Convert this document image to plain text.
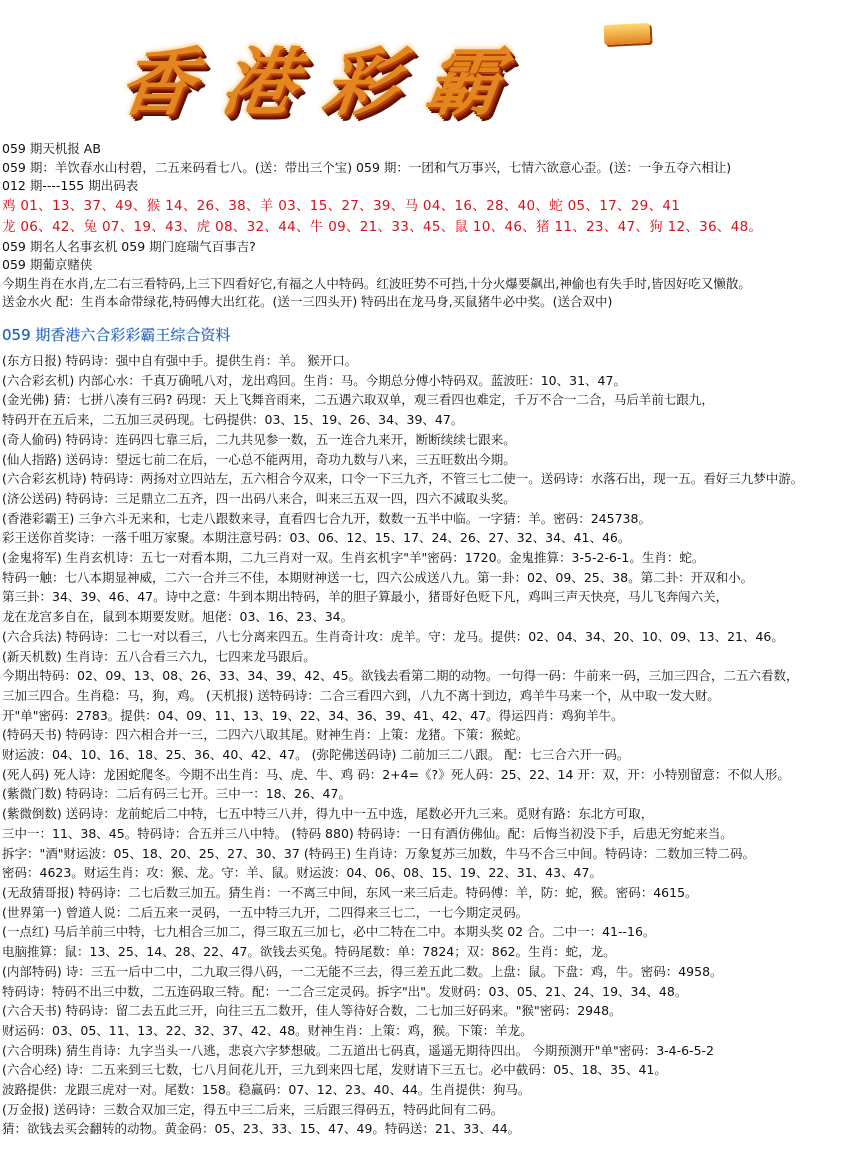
香港彩霸
059 期天机报 AB
059 期：羊饮春水山村碧，二五来码看七八。(送：带出三个宝) 059 期：一团和气万事兴，七情六欲意心歪。(送：一争五夺六相让)
012 期----155 期出码表
鸡 01、13、37、49、猴 14、26、38、羊 03、15、27、39、马 04、16、28、40、蛇 05、17、29、41
龙 06、42、兔 07、19、43、虎 08、32、44、牛 09、21、33、45、鼠 10、46、猪 11、23、47、狗 12、36、48。
059 期名人名事玄机 059 期门庭瑞气百事吉?
059 期葡京赌侠
今期生肖在水肖,左二右三看特码,上三下四看好它,有福之人中特码。红波旺势不可挡,十分火爆要飙出,神偷也有失手时,皆因好吃又懒散。
送金水火 配：生肖本命带绿花,特码傅大出红花。(送一三四头开) 特码出在龙马身,买鼠猪牛必中奖。(送合双中)
059 期香港六合彩彩霸王综合资料
(东方日报) 特码诗：强中自有强中手。提供生肖：羊。 猴开口。
(六合彩玄机) 内部心水：千真万确吼八对，龙出鸡回。生肖：马。今期总分傅小特码双。蓝波旺：10、31、47。
(金光佛) 猜：七拼八凑有三码? 码现：天上飞舞音雨来，二五遇六取双单，观三看四也难定，千万不合一二合，马后羊前七跟九，
特码开在五后来，二五加三灵码现。七码提供：03、15、19、26、34、39、47。
(奇人偷码) 特码诗：连码四七靠三后，二九共见参一数，五一连合九来开，断断续续七跟来。
(仙人指路) 送码诗：望远七前二在后，一心总不能两用，奇功九数与八来，三五旺数出今期。
(六合彩玄机诗) 特码诗：两扬对立四站左，五六相合今双来，口令一下三九齐，不管三七二使一。送码诗：水落石出，现一五。看好三九梦中游。
(济公送码) 特码诗：三足鼎立二五齐，四一出码八来合，叫来三五双一四，四六不减取头奖。
(香港彩霸王) 三争六斗无来和，七走八跟数来寻，直看四七合九开，数数一五半中临。一字猜：羊。密码：245738。
彩王送你首奖诗：一落千咀万家聚。本期注意号码：03、06、12、15、17、24、26、27、32、34、41、46。
(金鬼将军) 生肖玄机诗：五七一对看本期，二九三肖对一双。生肖玄机字"羊"密码：1720。金鬼推算：3-5-2-6-1。生肖：蛇。
特码一触：七八本期显神威，二六一合并三不佳，本期财神送一七，四六公成送八九。第一卦：02、09、25、38。第二卦：开双和小。
第三卦：34、39、46、47。诗中之意：牛到本期出特码，羊的胆子算最小，猪哥好色贬下凡，鸡叫三声天快亮，马儿飞奔闯六关，
龙在龙宫多自在，鼠到本期要发财。旭佬：03、16、23、34。
(六合兵法) 特码诗：二七一对以看三，八七分离来四五。生肖奇计攻：虎羊。守：龙马。提供：02、04、34、20、10、09、13、21、46。
(新天机数) 生肖诗：五八合看三六九，七四来龙马跟后。
今期出特码：02、09、13、08、26、33、34、39、42、45。欲钱去看第二期的动物。一句得一码：牛前来一码，三加三四合，二五六看数，
三加三四合。生肖稳：马，狗，鸡。 (天机报) 送特码诗：二合三看四六到，八九不离十到边，鸡羊牛马来一个，从中取一发大财。
开"单"密码：2783。提供：04、09、11、13、19、22、34、36、39、41、42、47。得运四肖：鸡狗羊牛。
(特码天书) 特码诗：四六相合并一三，二四六八取其尾。财神生肖：上策：龙猪。下策：猴蛇。
财运波：04、10、16、18、25、36、40、42、47。 (弥陀佛送码诗) 二前加三二八跟。 配：七三合六开一码。
(死人码) 死人诗：龙困蛇爬冬。今期不出生肖：马、虎、牛、鸡 码：2+4=《?》死人码：25、22、14 开：双，开：小特别留意：不似人形。
(紫微门数) 特码诗：二后有码三七开。三中一：18、26、47。
(紫微倒数) 送码诗：龙前蛇后二中特，七五中特三八并，得九中一五中选，尾数必开九三来。觅财有路：东北方可取，
三中一：11、38、45。特码诗：合五并三八中特。 (特码 880) 特码诗：一日有酒仿佛仙。配：后悔当初没下手，后患无穷蛇来当。
拆字："酒"财运波：05、18、20、25、27、30、37 (特码王) 生肖诗：万象复苏三加数，牛马不合三中间。特码诗：二数加三特二码。
密码：4623。财运生肖：攻：猴、龙。守：羊、鼠。财运波：04、06、08、15、19、22、31、43、47。
(无敌猜哥报) 特码诗：二七后数三加五。猜生肖：一不离三中间，东风一来三后走。特码傅：羊，防：蛇，猴。密码：4615。
(世界第一) 曾道人说：二后五来一灵码，一五中特三九开，二四得来三七二，一七今期定灵码。
(一点红) 马后羊前三中特，七九相合三加二，得三取五三加七，必中二特在二中。本期头奖 02 合。二中一：41--16。
电脑推算：鼠：13、25、14、28、22、47。欲钱去买兔。特码尾数：单：7824；双：862。生肖：蛇，龙。
(内部特码) 诗：三五一后中二中，二九取三得八码，一二无能不三去，得三差五此二数。上盘：鼠。下盘：鸡，牛。密码：4958。
特码诗：特码不出三中数，二五连码取三特。配：一二合三定灵码。拆字"出"。发财码：03、05、21、24、19、34、48。
(六合天书) 特码诗：留二去五此三开，向往三五二数开，佳人等待好合数，二七加三好码来。"猴"密码：2948。
财运码：03、05、11、13、22、32、37、42、48。财神生肖：上策：鸡，猴。下策：羊龙。
(六合明珠) 猜生肖诗：九字当头一八逃，悲哀六字梦想破。二五道出七码真，遥遥无期待四出。 今期预测开"单"密码：3-4-6-5-2
(六合心经) 诗：二五来到三七数，七八月间花儿开，三九到来四七尾，发财请下三五七。必中截码：05、18、35、41。
波路提供：龙跟三虎对一对。尾数：158。稳赢码：07、12、23、40、44。生肖提供：狗马。
(万金报) 送码诗：三数合双加三定，得五中三二后来，三后跟三得码五，特码此间有二码。
猜：欲钱去买会翻转的动物。黄金码：05、23、33、15、47、49。特码送：21、33、44。
